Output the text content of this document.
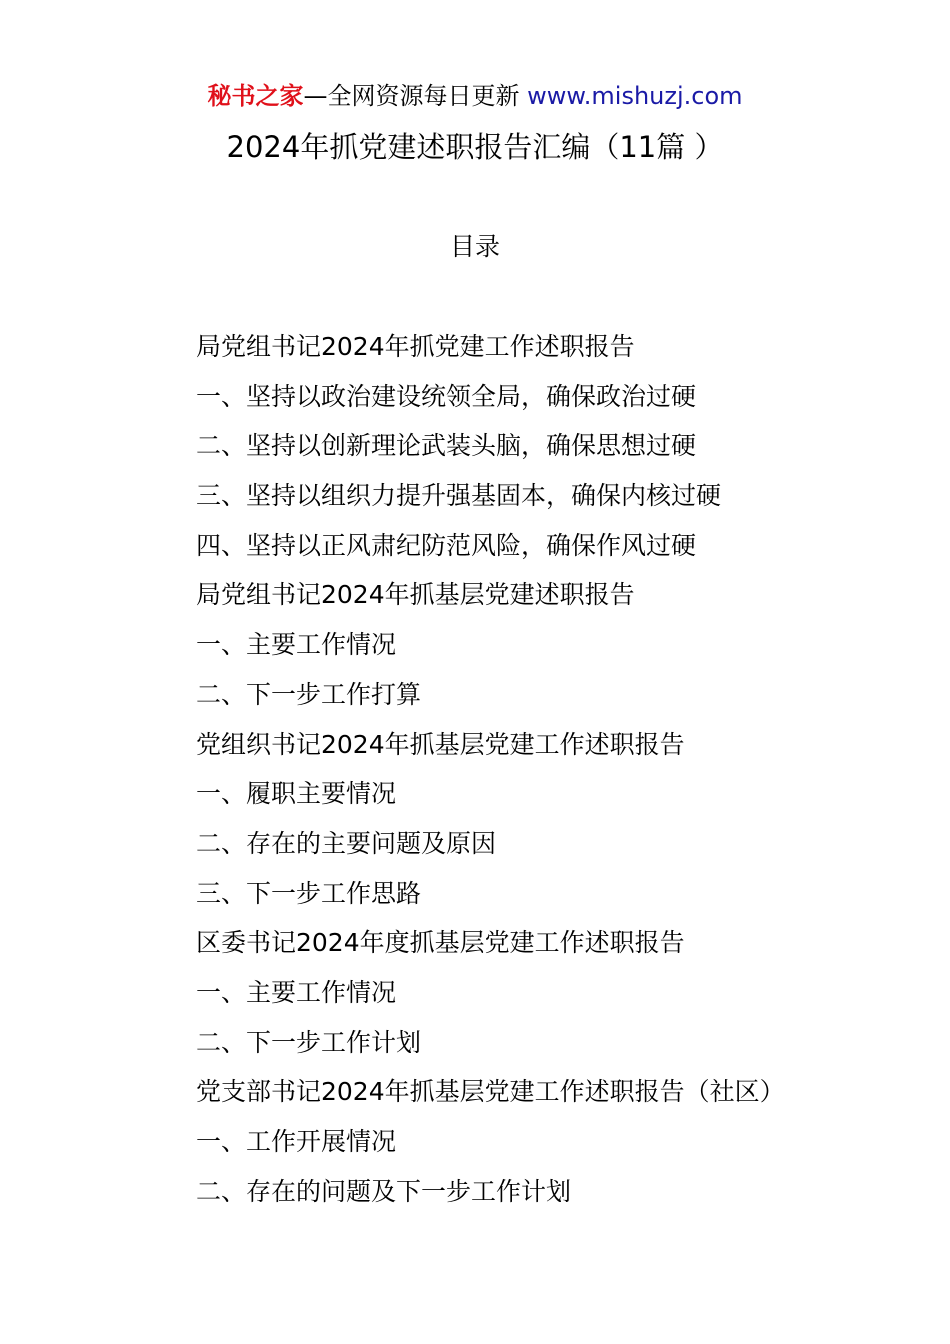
秘书之家—全网资源每日更新 www.mishuzj.com
2024年抓党建述职报告汇编（11篇 ）
目录
局党组书记2024年抓党建工作述职报告
一、坚持以政治建设统领全局，确保政治过硬
二、坚持以创新理论武装头脑，确保思想过硬
三、坚持以组织力提升强基固本，确保内核过硬
四、坚持以正风肃纪防范风险，确保作风过硬
局党组书记2024年抓基层党建述职报告
一、主要工作情况
二、下一步工作打算
党组织书记2024年抓基层党建工作述职报告
一、履职主要情况
二、存在的主要问题及原因
三、下一步工作思路
区委书记2024年度抓基层党建工作述职报告
一、主要工作情况
二、下一步工作计划
党支部书记2024年抓基层党建工作述职报告（社区）
一、工作开展情况
二、存在的问题及下一步工作计划
